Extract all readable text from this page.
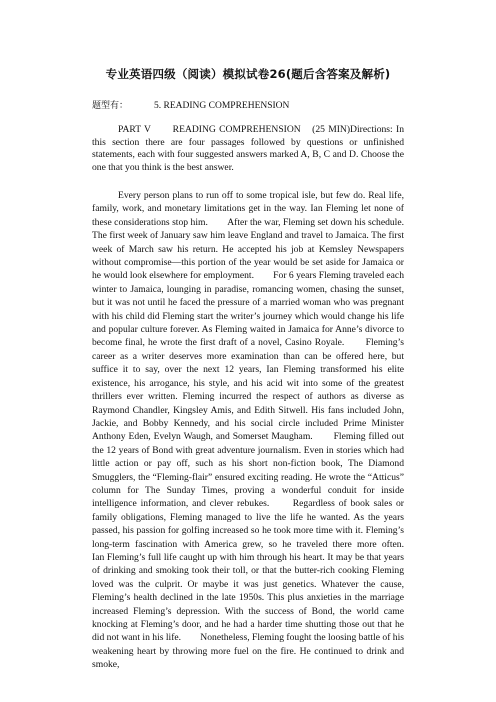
专业英语四级（阅读）模拟试卷26(题后含答案及解析)
题型有：	5. READING COMPREHENSION
PART V　　READING COMPREHENSION　(25 MIN)Directions: In this section there are four passages followed by questions or unfinished statements, each with four suggested answers marked A, B, C and D. Choose the one that you think is the best answer.
Every person plans to run off to some tropical isle, but few do. Real life, family, work, and monetary limitations get in the way. Ian Fleming let none of these considerations stop him.　　After the war, Fleming set down his schedule. The first week of January saw him leave England and travel to Jamaica. The first week of March saw his return. He accepted his job at Kemsley Newspapers without compromise—this portion of the year would be set aside for Jamaica or he would look elsewhere for employment.　　For 6 years Fleming traveled each winter to Jamaica, lounging in paradise, romancing women, chasing the sunset, but it was not until he faced the pressure of a married woman who was pregnant with his child did Fleming start the writer’s journey which would change his life and popular culture forever. As Fleming waited in Jamaica for Anne’s divorce to become final, he wrote the first draft of a novel, Casino Royale.　　Fleming’s career as a writer deserves more examination than can be offered here, but suffice it to say, over the next 12 years, Ian Fleming transformed his elite existence, his arrogance, his style, and his acid wit into some of the greatest thrillers ever written. Fleming incurred the respect of authors as diverse as Raymond Chandler, Kingsley Amis, and Edith Sitwell. His fans included John, Jackie, and Bobby Kennedy, and his social circle included Prime Minister Anthony Eden, Evelyn Waugh, and Somerset Maugham.　　Fleming filled out the 12 years of Bond with great adventure journalism. Even in stories which had little action or pay off, such as his short non-fiction book, The Diamond Smugglers, the “Fleming-flair” ensured exciting reading. He wrote the “Atticus” column for The Sunday Times, proving a wonderful conduit for inside intelligence information, and clever rebukes.　　Regardless of book sales or family obligations, Fleming managed to live the life he wanted. As the years passed, his passion for golfing increased so he took more time with it. Fleming’s long-term fascination with America grew, so he traveled there more often.　　Ian Fleming’s full life caught up with him through his heart. It may be that years of drinking and smoking took their toll, or that the butter-rich cooking Fleming loved was the culprit. Or maybe it was just genetics. Whatever the cause, Fleming’s health declined in the late 1950s. This plus anxieties in the marriage increased Fleming’s depression. With the success of Bond, the world came knocking at Fleming’s door, and he had a harder time shutting those out that he did not want in his life.　　Nonetheless, Fleming fought the loosing battle of his weakening heart by throwing more fuel on the fire. He continued to drink and smoke,
